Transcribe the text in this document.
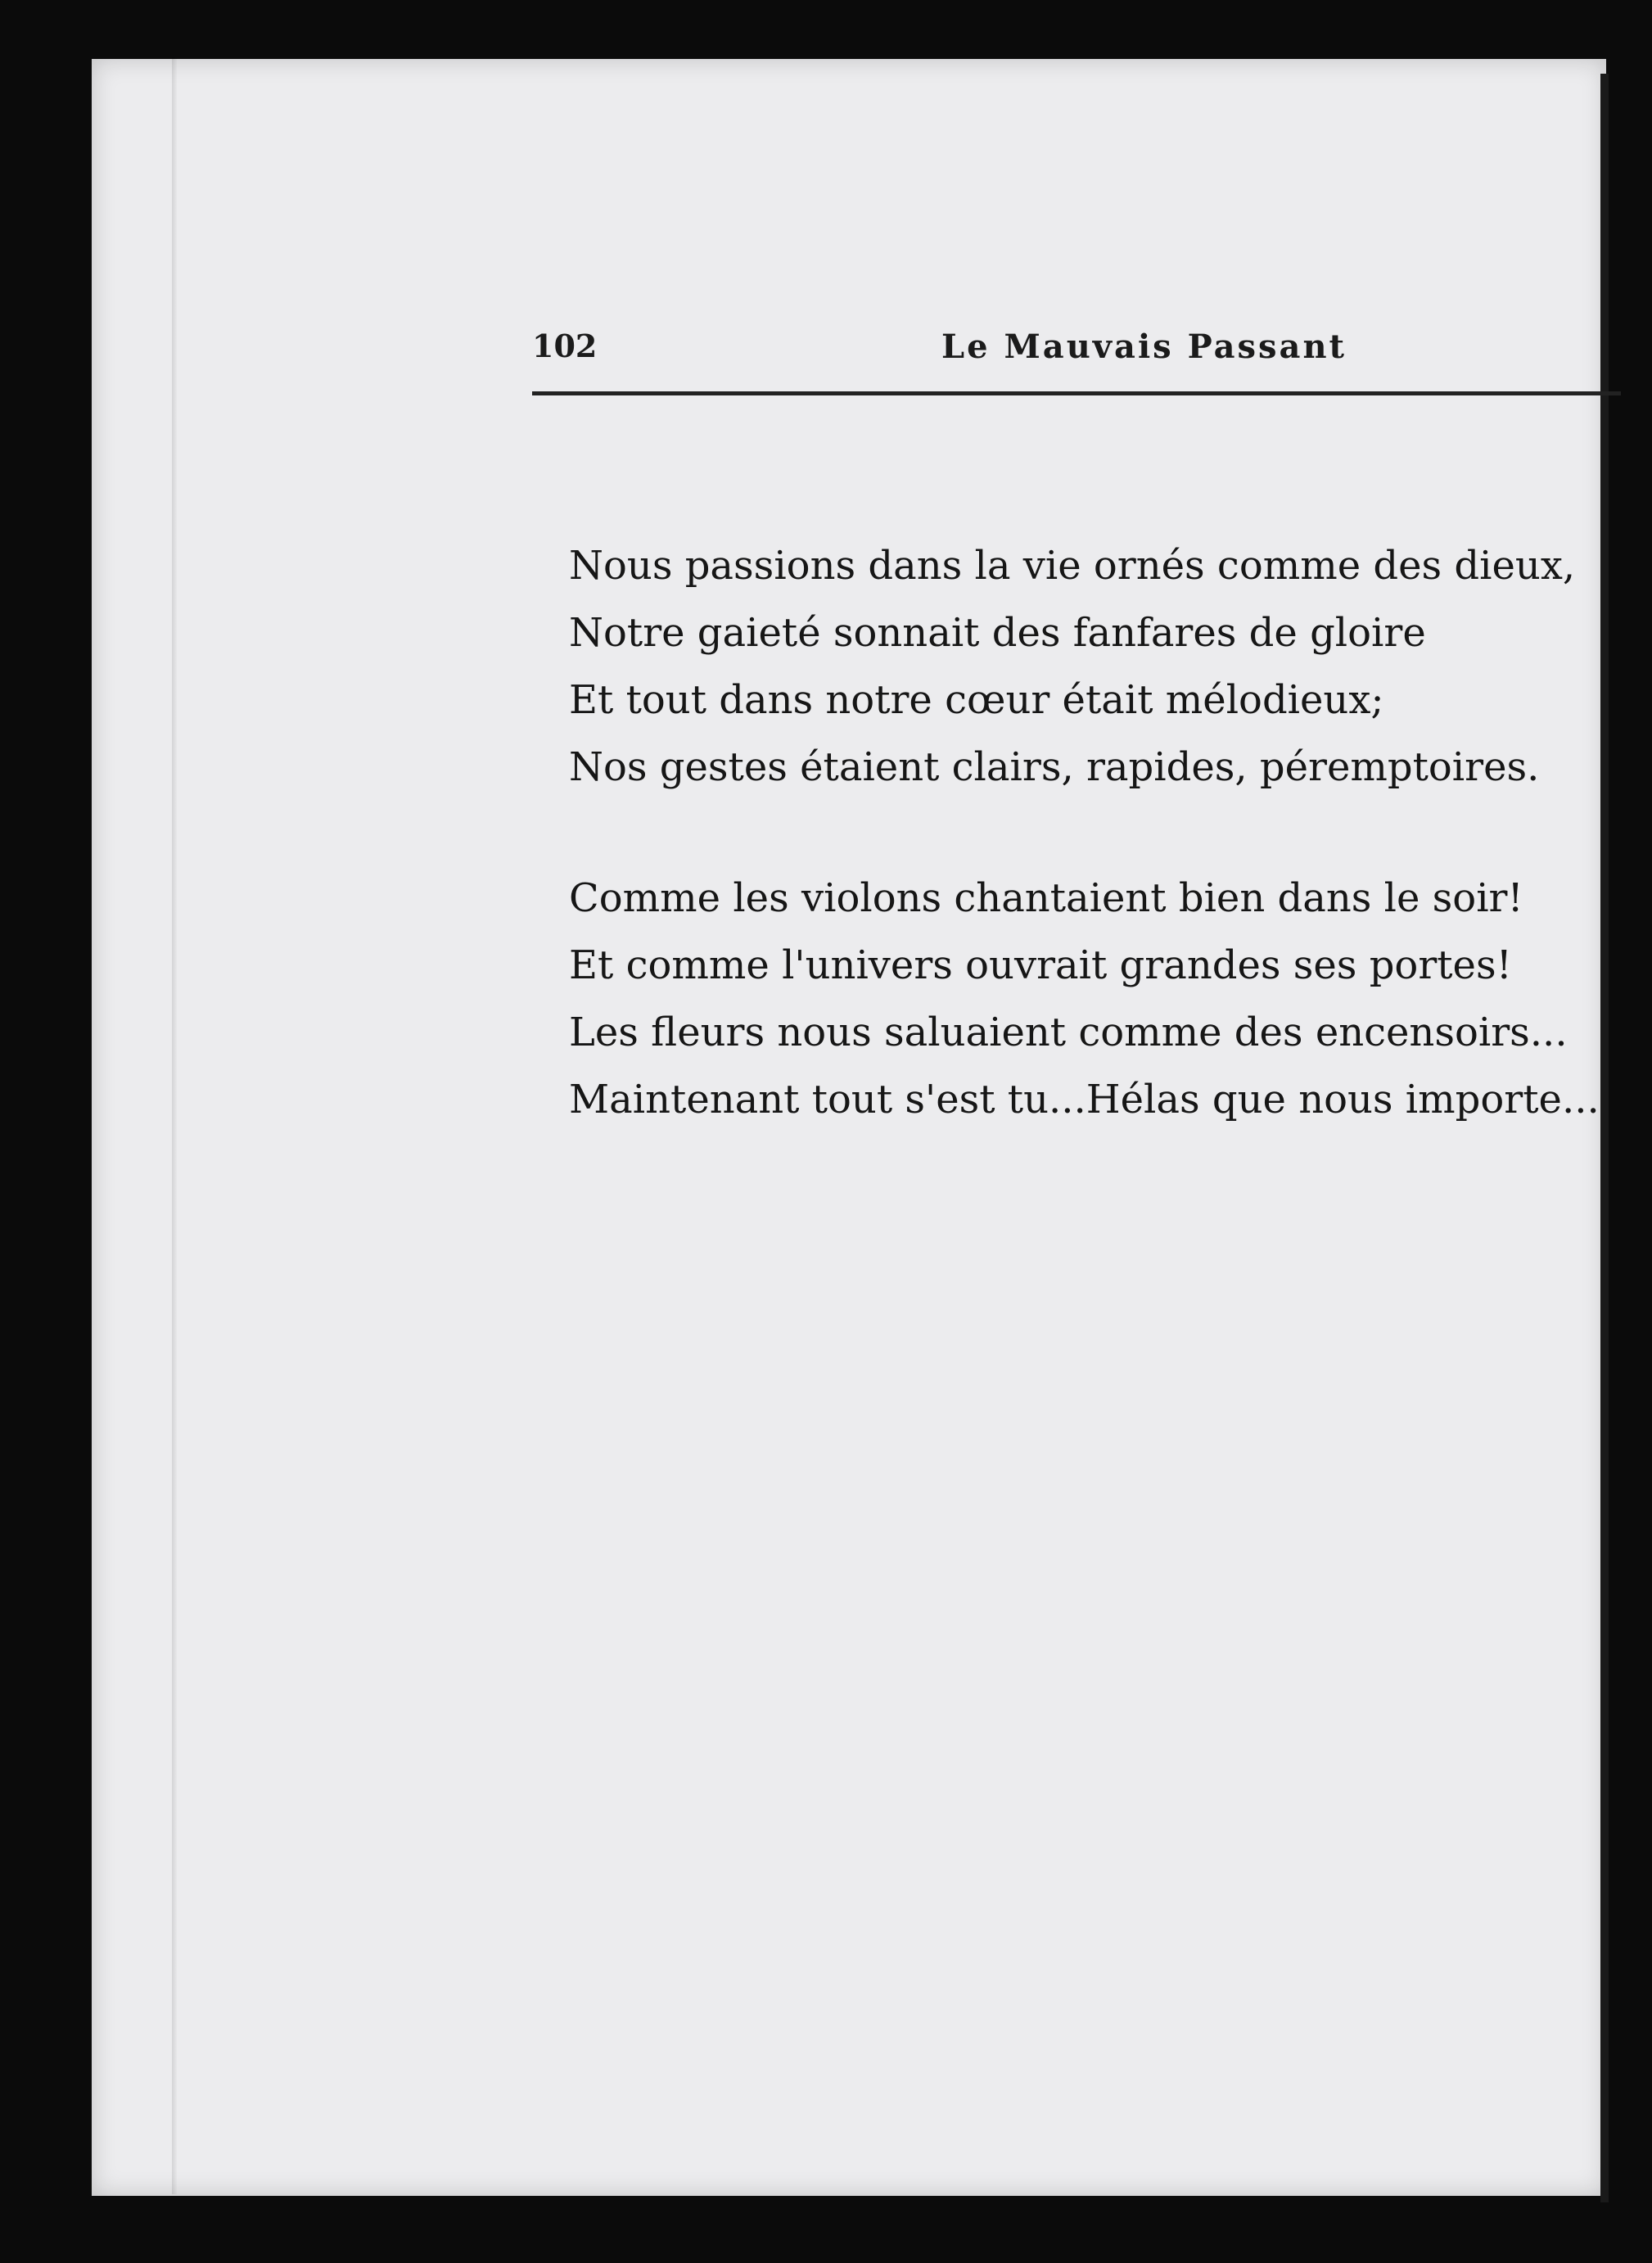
102	Le Mauvais Passant
Nous passions dans la vie ornés comme des dieux,
Notre gaieté sonnait des fanfares de gloire
Et tout dans notre cœur était mélodieux;
Nos gestes étaient clairs, rapides, péremptoires.
Comme les violons chantaient bien dans le soir!
Et comme l'univers ouvrait grandes ses portes!
Les fleurs nous saluaient comme des encensoirs...
Maintenant tout s'est tu...Hélas que nous importe...
